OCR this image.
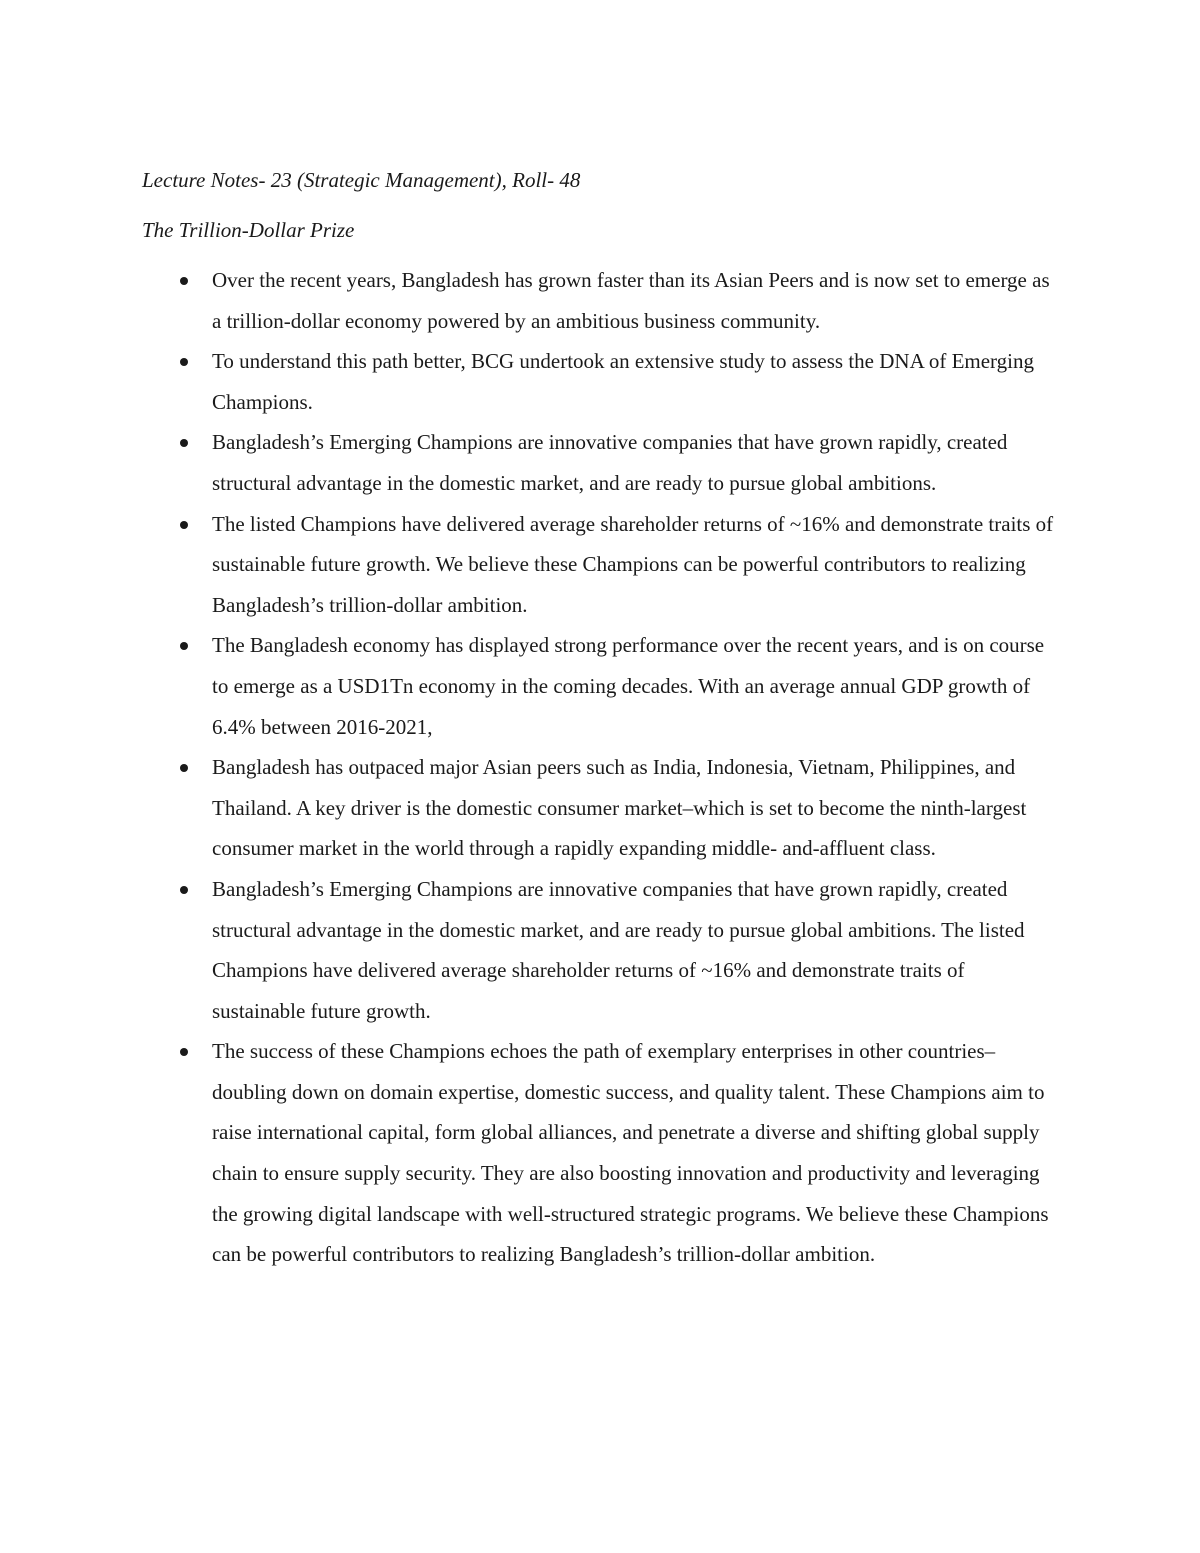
Lecture Notes- 23 (Strategic Management), Roll- 48

The Trillion-Dollar Prize

Over the recent years, Bangladesh has grown faster than its Asian Peers and is now set to emerge as a trillion-dollar economy powered by an ambitious business community.
To understand this path better, BCG undertook an extensive study to assess the DNA of Emerging Champions.
Bangladesh’s Emerging Champions are innovative companies that have grown rapidly, created structural advantage in the domestic market, and are ready to pursue global ambitions.
The listed Champions have delivered average shareholder returns of ~16% and demonstrate traits of sustainable future growth. We believe these Champions can be powerful contributors to realizing Bangladesh’s trillion-dollar ambition.
The Bangladesh economy has displayed strong performance over the recent years, and is on course to emerge as a USD1Tn economy in the coming decades. With an average annual GDP growth of 6.4% between 2016-2021,
Bangladesh has outpaced major Asian peers such as India, Indonesia, Vietnam, Philippines, and Thailand. A key driver is the domestic consumer market–which is set to become the ninth-largest consumer market in the world through a rapidly expanding middle- and-affluent class.
Bangladesh’s Emerging Champions are innovative companies that have grown rapidly, created structural advantage in the domestic market, and are ready to pursue global ambitions. The listed Champions have delivered average shareholder returns of ~16% and demonstrate traits of sustainable future growth.
The success of these Champions echoes the path of exemplary enterprises in other countries–doubling down on domain expertise, domestic success, and quality talent. These Champions aim to raise international capital, form global alliances, and penetrate a diverse and shifting global supply chain to ensure supply security. They are also boosting innovation and productivity and leveraging the growing digital landscape with well-structured strategic programs. We believe these Champions can be powerful contributors to realizing Bangladesh’s trillion-dollar ambition.
